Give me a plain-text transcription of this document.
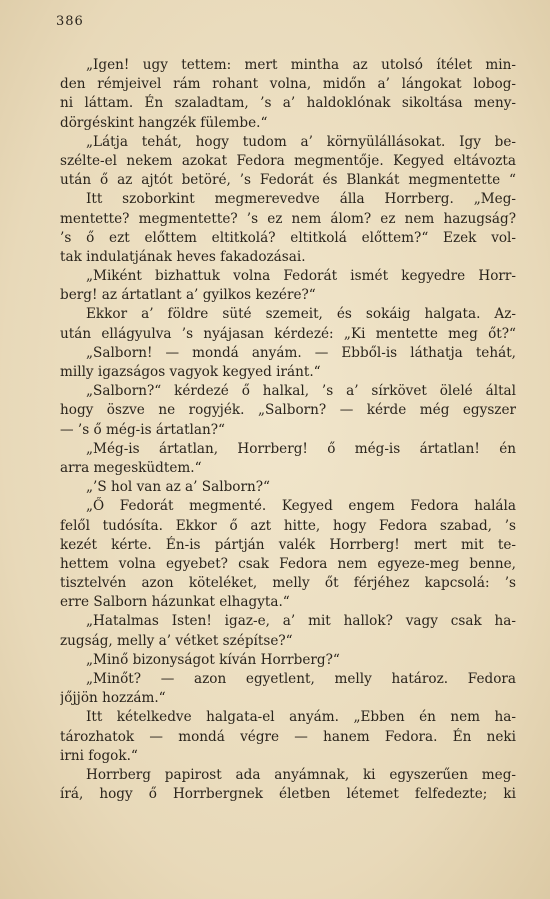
386
„Igen! ugy tettem: mert mintha az utolsó ítélet min-
den rémjeivel rám rohant volna, midőn a’ lángokat lobog-
ni láttam. Én szaladtam, ’s a’ haldoklónak sikoltása meny-
dörgéskint hangzék fülembe.“
„Látja tehát, hogy tudom a’ környülállásokat. Igy be-
szélte-el nekem azokat Fedora megmentője. Kegyed eltávozta
után ő az ajtót betöré, ’s Fedorát és Blankát megmentette “
Itt szoborkint megmerevedve álla Horrberg. „Meg-
mentette? megmentette? ’s ez nem álom? ez nem hazugság?
’s ő ezt előttem eltitkolá? eltitkolá előttem?“ Ezek vol-
tak indulatjának heves fakadozásai.
„Miként bizhattuk volna Fedorát ismét kegyedre Horr-
berg! az ártatlant a’ gyilkos kezére?“
Ekkor a’ földre süté szemeit, és sokáig halgata. Az-
után ellágyulva ’s nyájasan kérdezé: „Ki mentette meg őt?“
„Salborn! — mondá anyám. — Ebből-is láthatja tehát,
milly igazságos vagyok kegyed iránt.“
„Salborn?“ kérdezé ő halkal, ’s a’ sírkövet ölelé által
hogy öszve ne rogyjék. „Salborn? — kérde még egyszer
— ’s ő még-is ártatlan?“
„Még-is ártatlan, Horrberg! ő még-is ártatlan! én
arra megesküdtem.“
„’S hol van az a’ Salborn?“
„Ő Fedorát megmenté. Kegyed engem Fedora halála
felől tudósíta. Ekkor ő azt hitte, hogy Fedora szabad, ’s
kezét kérte. Én-is pártján valék Horrberg! mert mit te-
hettem volna egyebet? csak Fedora nem egyeze-meg benne,
tisztelvén azon köteléket, melly őt férjéhez kapcsolá: ’s
erre Salborn házunkat elhagyta.“
„Hatalmas Isten! igaz-e, a’ mit hallok? vagy csak ha-
zugság, melly a’ vétket szépítse?“
„Minő bizonyságot kíván Horrberg?“
„Minőt? — azon egyetlent, melly határoz. Fedora
jőjjön hozzám.“
Itt kételkedve halgata-el anyám. „Ebben én nem ha-
tározhatok — mondá végre — hanem Fedora. Én neki
irni fogok.“
Horrberg papirost ada anyámnak, ki egyszerűen meg-
írá, hogy ő Horrbergnek életben létemet felfedezte; ki
